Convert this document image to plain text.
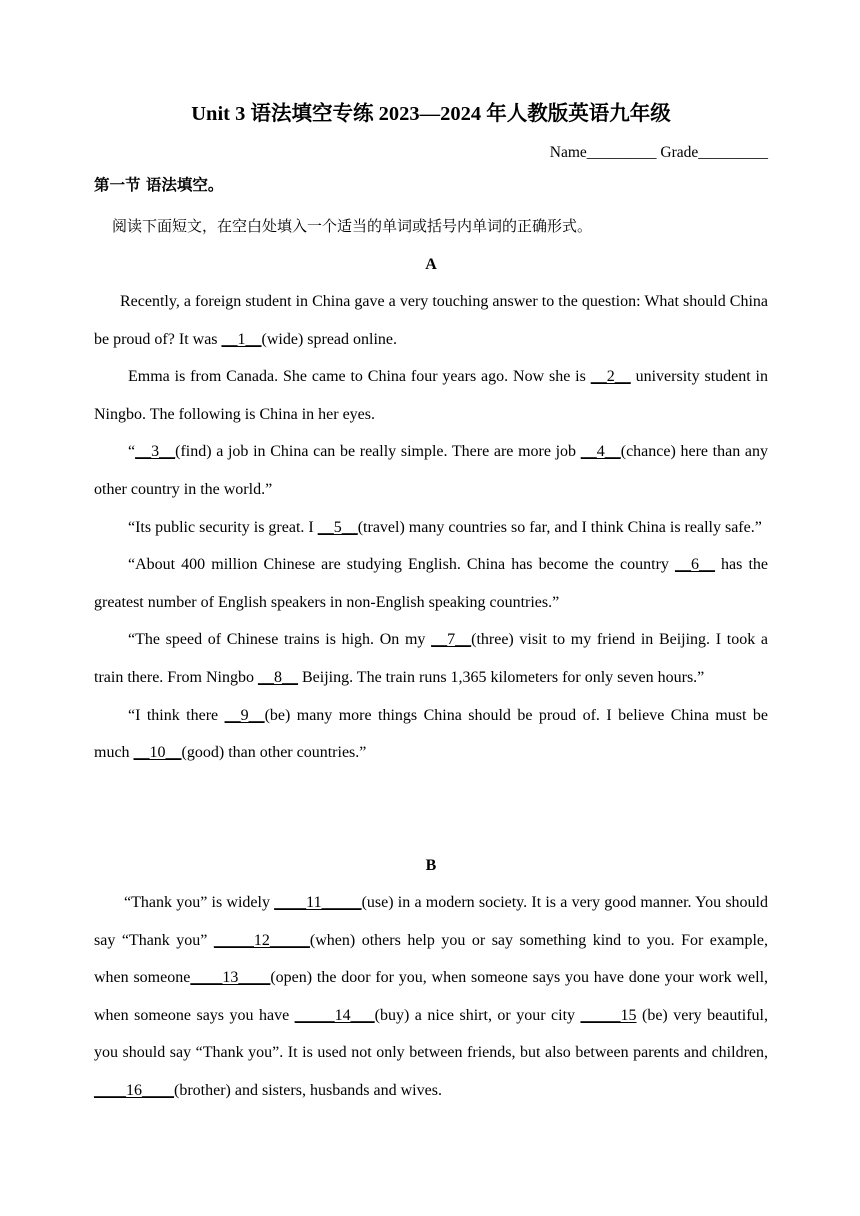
Unit 3 语法填空专练 2023—2024 年人教版英语九年级
Name_________ Grade_________
第一节 语法填空。
阅读下面短文，在空白处填入一个适当的单词或括号内单词的正确形式。
A

Recently, a foreign student in China gave a very touching answer to the question: What should China be proud of? It was __1__(wide) spread online.

Emma is from Canada. She came to China four years ago. Now she is __2__ university student in Ningbo. The following is China in her eyes.

“__3__(find) a job in China can be really simple. There are more job __4__(chance) here than any other country in the world.”

“Its public security is great. I __5__(travel) many countries so far, and I think China is really safe.”

“About 400 million Chinese are studying English. China has become the country __6__ has the greatest number of English speakers in non-English speaking countries.”

“The speed of Chinese trains is high. On my __7__(three) visit to my friend in Beijing. I took a train there. From Ningbo __8__ Beijing. The train runs 1,365 kilometers for only seven hours.”

“I think there __9__(be) many more things China should be proud of. I believe China must be much __10__(good) than other countries.”

B

“Thank you” is widely ____11_____(use) in a modern society. It is a very good manner. You should say “Thank you” _____12_____(when) others help you or say something kind to you. For example, when someone____13____(open) the door for you, when someone says you have done your work well, when someone says you have _____14___(buy) a nice shirt, or your city _____15 (be) very beautiful, you should say “Thank you”. It is used not only between friends, but also between parents and children, ____16____(brother) and sisters, husbands and wives.
